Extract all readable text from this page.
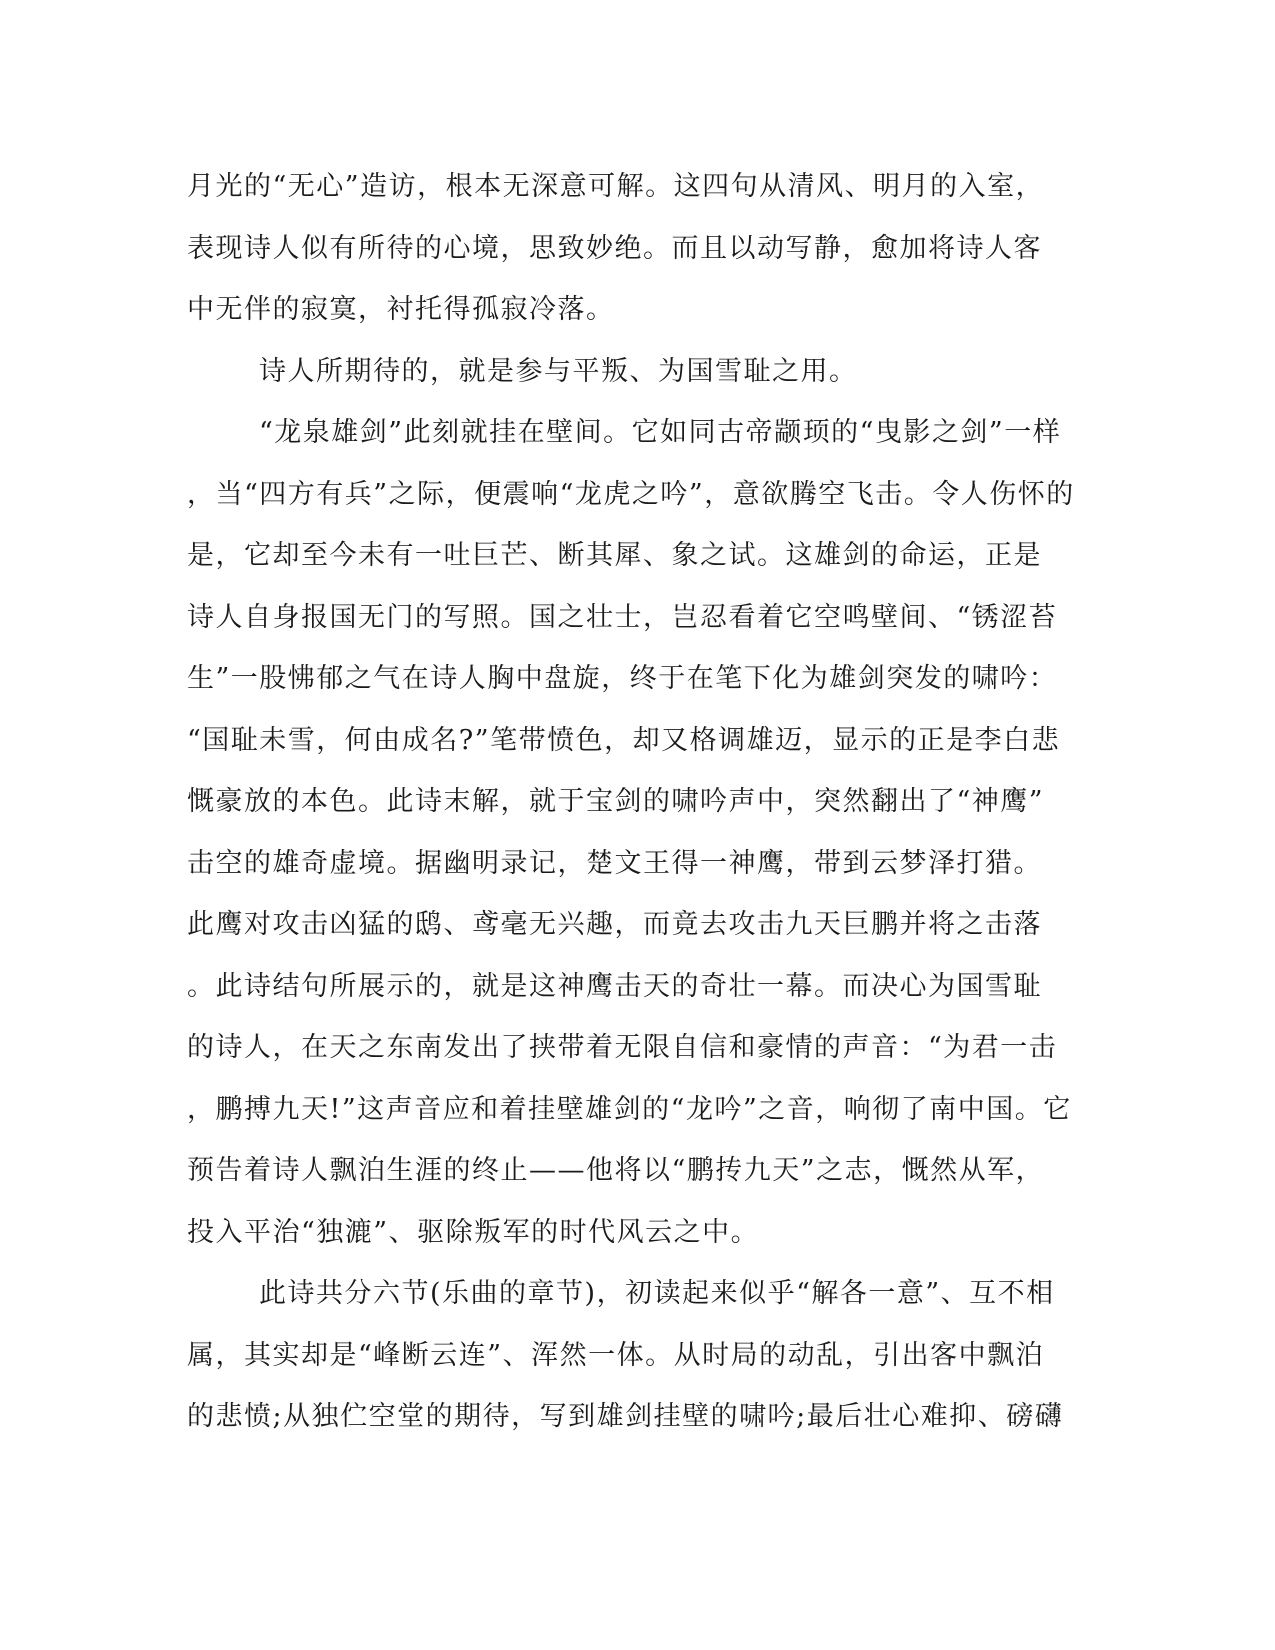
月光的“无心”造访，根本无深意可解。这四句从清风、明月的入室，
表现诗人似有所待的心境，思致妙绝。而且以动写静，愈加将诗人客
中无伴的寂寞，衬托得孤寂冷落。
诗人所期待的，就是参与平叛、为国雪耻之用。
“龙泉雄剑”此刻就挂在壁间。它如同古帝颛顼的“曳影之剑”一样
，当“四方有兵”之际，便震响“龙虎之吟”，意欲腾空飞击。令人伤怀的
是，它却至今未有一吐巨芒、断其犀、象之试。这雄剑的命运，正是
诗人自身报国无门的写照。国之壮士，岂忍看着它空鸣壁间、“锈涩苔
生”一股怫郁之气在诗人胸中盘旋，终于在笔下化为雄剑突发的啸吟：
“国耻未雪，何由成名?”笔带愤色，却又格调雄迈，显示的正是李白悲
慨豪放的本色。此诗末解，就于宝剑的啸吟声中，突然翻出了“神鹰”
击空的雄奇虚境。据幽明录记，楚文王得一神鹰，带到云梦泽打猎。
此鹰对攻击凶猛的鸱、鸢毫无兴趣，而竟去攻击九天巨鹏并将之击落
。此诗结句所展示的，就是这神鹰击天的奇壮一幕。而决心为国雪耻
的诗人，在天之东南发出了挟带着无限自信和豪情的声音：“为君一击
，鹏搏九天!”这声音应和着挂壁雄剑的“龙吟”之音，响彻了南中国。它
预告着诗人飘泊生涯的终止——他将以“鹏抟九天”之志，慨然从军，
投入平治“独漉”、驱除叛军的时代风云之中。
此诗共分六节(乐曲的章节)，初读起来似乎“解各一意”、互不相
属，其实却是“峰断云连”、浑然一体。从时局的动乱，引出客中飘泊
的悲愤;从独伫空堂的期待，写到雄剑挂壁的啸吟;最后壮心难抑、磅礴
